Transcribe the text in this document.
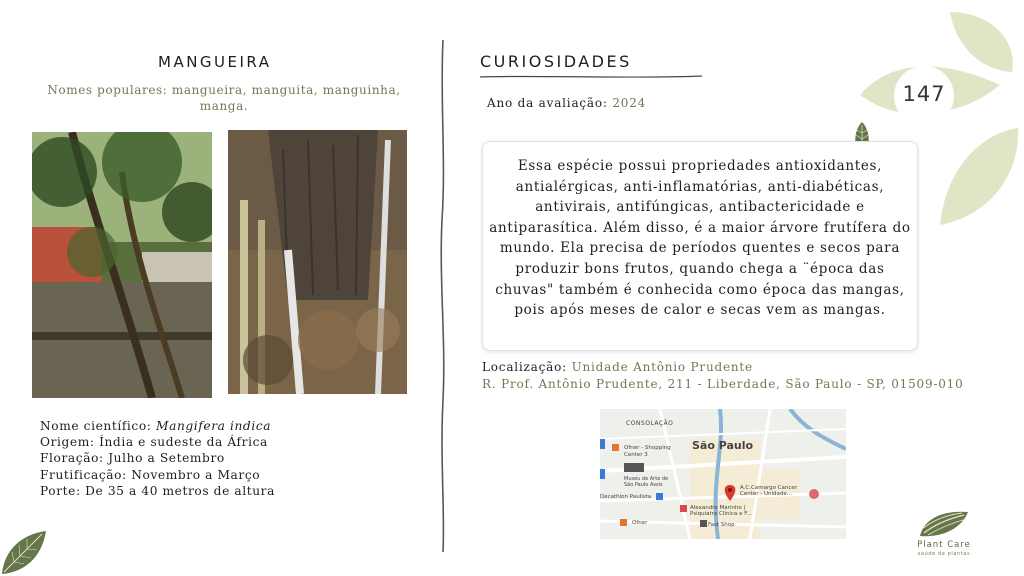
147
MANGUEIRA
Nomes populares: mangueira, manguita, manguinha, manga.
Nome científico: Mangifera indica
Origem: Índia e sudeste da África
Floração: Julho a Setembro
Frutificação: Novembro a Março
Porte: De 35 a 40 metros de altura
CURIOSIDADES
Ano da avaliação: 2024
Essa espécie possui propriedades antioxidantes, antialérgicas, anti-inflamatórias, anti-diabéticas, antivirais, antifúngicas, antibactericidade e antiparasítica. Além disso, é a maior árvore frutífera do mundo. Ela precisa de períodos quentes e secos para produzir bons frutos, quando chega a ¨época das chuvas" também é conhecida como época das mangas, pois após meses de calor e secas vem as mangas.
Localização: Unidade Antônio Prudente
R. Prof. Antônio Prudente, 211 - Liberdade, São Paulo - SP, 01509-010
CONSOLAÇÃO
São Paulo
Ofner - Shopping
Center 3
Museu de Arte de
São Paulo Assis
Decathlon Paulista
Alexandre Marinho |
Psiquiatra Clínica e F...
A.C.Camargo Cancer
Center - Unidade...
Ofner	Fast Shop
Plant Care
saúde de plantas
